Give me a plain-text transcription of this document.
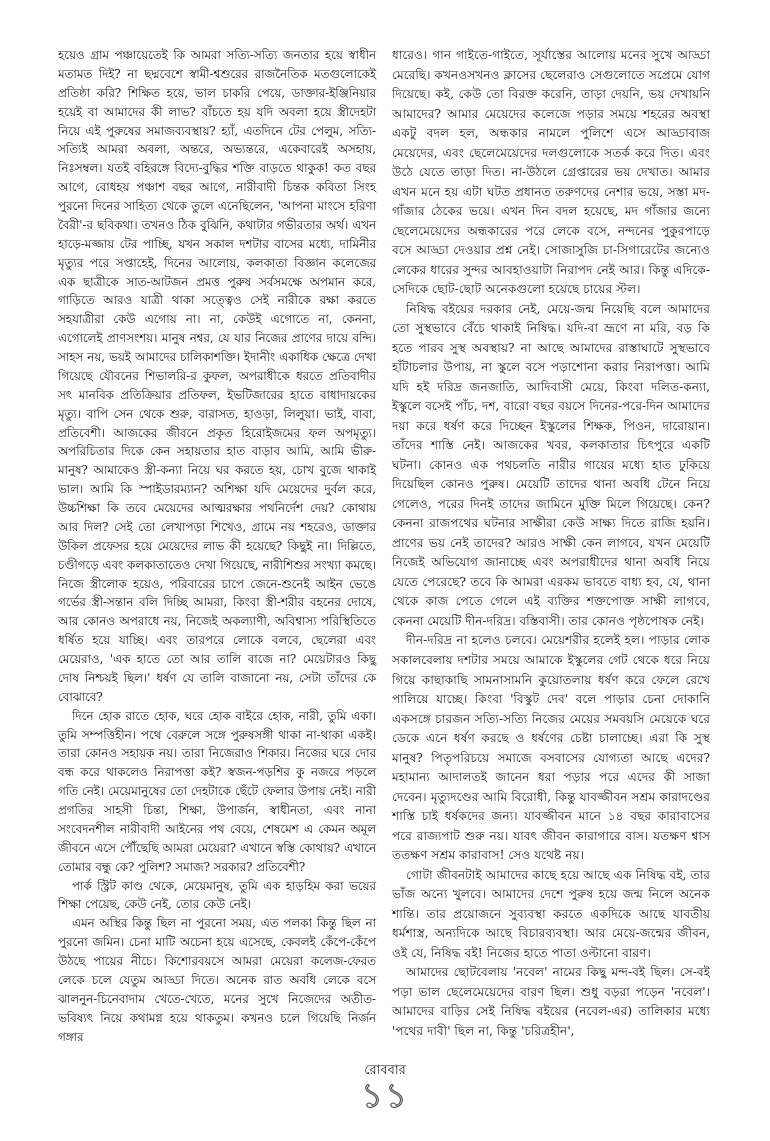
হয়েও গ্রাম পঞ্চায়েতেই কি আমরা সত্যি-সত্যি জনতার হয়ে স্বাধীন মতামত দিই? না ছদ্মবেশে স্বামী-শ্বশুরের রাজনৈতিক মতগুলোকেই প্রতিষ্ঠা করি? শিক্ষিত হয়ে, ভাল চাকরি পেয়ে, ডাক্তার-ইঞ্জিনিয়ার হয়েই বা আমাদের কী লাভ? বাঁচতে হয় যদি অবলা হয়ে স্ত্রীদেহটা নিয়ে এই পুরুষের সমাজব্যবস্থায়? হ্যাঁ, এতদিনে টের পেলুম, সত্যি-সত্যিই আমরা অবলা, অন্তরে, অভ্যন্তরে, একেবারেই অসহায়, নিঃসম্বল। যতই বহিরঙ্গে বিদ্যে-বুদ্ধির শক্তি বাড়তে থাকুক! কত বছর আগে, বোধহয় পঞ্চাশ বছর আগে, নারীবাদী চিন্তক কবিতা সিংহ পুরনো দিনের সাহিত্য থেকে তুলে এনেছিলেন, 'আপনা মাংসে হরিণা বৈরী'-র ছবিকথা। তখনও ঠিক বুঝিনি, কথাটার গভীরতার অর্থ। এখন হাড়ে-মজ্জায় টের পাচ্ছি, যখন সকাল দশটার বাসের মধ্যে, দামিনীর মৃত্যুর পরে সপ্তাহেই, দিনের আলোয়, কলকাতা বিজ্ঞান কলেজের এক ছাত্রীকে সাত-আটজন প্রমত্ত পুরুষ সর্বসমক্ষে অপমান করে, গাড়িতে আরও যাত্রী থাকা সত্ত্বেও সেই নারীকে রক্ষা করতে সহযাত্রীরা কেউ এগোয় না। না, কেউই এগোতে না, কেননা, এগোলেই প্রাণসংশয়। মানুষ নশ্বর, যে যার নিজের প্রাণের দায়ে বন্দি। সাহস নয়, ভয়ই আমাদের চালিকাশক্তি। ইদানীং একাধিক ক্ষেত্রে দেখা গিয়েছে যৌবনের শিভালরি-র কুফল, অপরাধীকে ধরতে প্রতিবাদীর সৎ মানবিক প্রতিক্রিয়ার প্রতিফল, ইভটিজারের হাতে বাধাদায়কের মৃত্যু। বাপি সেন থেকে শুরু, বারাসত, হাওড়া, লিলুয়া। ভাই, বাবা, প্রতিবেশী। আজকের জীবনে প্রকৃত হিরোইজমের ফল অপমৃত্যু। অপরিচিতার দিকে কেন সহায়তার হাত বাড়াব আমি, আমি ভীরু-মানুষ? আমাকেও স্ত্রী-কন্যা নিয়ে ঘর করতে হয়, চোখ বুজে থাকাই ভাল। আমি কি স্পাইডারম্যান? অশিক্ষা যদি মেয়েদের দুর্বল করে, উচ্চশিক্ষা কি তবে মেয়েদের আত্মরক্ষার পথনির্দেশ দেয়? কোথায় আর দিল? সেই তো লেখাপড়া শিখেও, গ্রামে নয় শহরেও, ডাক্তার উকিল প্রফেসর হয়ে মেয়েদের লাভ কী হয়েছে? কিছুই না। দিল্লিতে, চণ্ডীগড়ে এবং কলকাতাতেও দেখা গিয়েছে, নারীশিশুর সংখ্যা কমছে। নিজে স্ত্রীলোক হয়েও, পরিবারের চাপে জেনে-শুনেই আইন ভেঙে গর্ভের স্ত্রী-সন্তান বলি দিচ্ছি আমরা, কিংবা স্ত্রী-শরীর বহনের দোষে, আর কোনও অপরাধে নয়, নিজেই অকল্যাণী, অবিশ্বাস্য পরিস্থিতিতে ধর্ষিত হয়ে যাচ্ছি। এবং তারপরে লোকে বলবে, ছেলেরা এবং মেয়েরাও, 'এক হাতে তো আর তালি বাজে না? মেয়েটারও কিছু দোষ নিশ্চয়ই ছিল।' ধর্ষণ যে তালি বাজানো নয়, সেটা তাঁদের কে বোঝাবে?

দিনে হোক রাতে হোক, ঘরে হোক বাইরে হোক, নারী, তুমি একা। তুমি সম্পত্তিহীন। পথে বেরুলে সঙ্গে পুরুষসঙ্গী থাকা না-থাকা একই। তারা কোনও সহায়ক নয়। তারা নিজেরাও শিকার। নিজের ঘরে দোর বন্ধ করে থাকলেও নিরাপত্তা কই? স্বজন-পড়শির কু নজরে পড়লে গতি নেই। মেয়েমানুষের তো দেহটাকে ছেঁটে ফেলার উপায় নেই। নারী প্রগতির সাহসী চিন্তা, শিক্ষা, উপার্জন, স্বাধীনতা, এবং নানা সংবেদনশীল নারীবাদী আইনের পথ বেয়ে, শেষমেশ এ কেমন অমূল জীবনে এসে পৌঁছেছি আমরা মেয়েরা? এখানে স্বস্তি কোথায়? এখানে তোমার বন্ধু কে? পুলিশ? সমাজ? সরকার? প্রতিবেশী?

পার্ক স্ট্রিট কাণ্ড থেকে, মেয়েমানুষ, তুমি এক হাড়হিম করা ভয়ের শিক্ষা পেয়েছ, কেউ নেই, তোর কেউ নেই।

এমন অস্থির কিন্তু ছিল না পুরনো সময়, এত পলকা কিন্তু ছিল না পুরনো জমিন। চেনা মাটি অচেনা হয়ে এসেছে, কেবলই কেঁপে-কেঁপে উঠছে পায়ের নীচে। কিশোরবয়সে আমরা মেয়েরা কলেজ-ফেরত লেকে চলে যেতুম আড্ডা দিতে। অনেক রাত অবধি লেকে বসে ঝালনুন-চিনেবাদাম খেতে-খেতে, মনের সুখে নিজেদের অতীত-ভবিষ্যৎ নিয়ে কথামগ্ন হয়ে থাকতুম। কখনও চলে গিয়েছি নির্জন গঙ্গার

ধারেও। গান গাইতে-গাইতে, সূর্যাস্তের আলোয় মনের সুখে আড্ডা মেরেছি। কখনওসখনও ক্লাসের ছেলেরাও সেগুলোতে সপ্রেমে যোগ দিয়েছে। কই, কেউ তো বিরক্ত করেনি, তাড়া দেয়নি, ভয় দেখায়নি আমাদের? আমার মেয়েদের কলেজে পড়ার সময়ে শহরের অবস্থা একটু বদল হল, অন্ধকার নামলে পুলিশে এসে আড্ডাবাজ মেয়েদের, এবং ছেলেমেয়েদের দলগুলোকে সতর্ক করে দিত। এবং উঠে যেতে তাড়া দিত। না-উঠলে গ্রেপ্তারের ভয় দেখাত। আমার এখন মনে হয় এটা ঘটত প্রধানত তরুণদের নেশার ভয়ে, সস্তা মদ-গাঁজার ঠেকের ভয়ে। এখন দিন বদল হয়েছে, মদ গাঁজার জন্যে ছেলেমেয়েদের অন্ধকারের পরে লেকে বসে, নন্দনের পুকুরপাড়ে বসে আড্ডা দেওয়ার প্রশ্ন নেই। সোজাসুজি চা-সিগারেটের জন্যেও লেকের ধারের সুন্দর আবহাওয়াটা নিরাপদ নেই আর। কিন্তু এদিকে-সেদিকে ছোট-ছোট অনেকগুলো হয়েছে চায়ের স্টল।

নিষিদ্ধ বইয়ের দরকার নেই, মেয়ে-জন্ম নিয়েছি বলে আমাদের তো সুস্থভাবে বেঁচে থাকাই নিষিদ্ধ। যদি-বা ভ্রূণে না মরি, বড় কি হতে পারব সুস্থ অবস্থায়? না আছে আমাদের রাস্তাঘাটে সুস্থভাবে হাঁটাচলার উপায়, না স্কুলে বসে পড়াশোনা করার নিরাপত্তা। আমি যদি হই দরিদ্র জনজাতি, আদিবাসী মেয়ে, কিংবা দলিত-কন্যা, ইস্কুলে বসেই পাঁচ, দশ, বারো বছর বয়সে দিনের-পরে-দিন আমাদের দয়া করে ধর্ষণ করে দিচ্ছেন ইস্কুলের শিক্ষক, পিওন, দারোয়ান। তাঁদের শাস্তি নেই। আজকের খবর, কলকাতার চিৎপুরে একটি ঘটনা। কোনও এক পথচলতি নারীর গায়ের মধ্যে হাত ঢুকিয়ে দিয়েছিল কোনও পুরুষ। মেয়েটি তাদের থানা অবধি টেনে নিয়ে গেলেও, পরের দিনই তাদের জামিনে মুক্তি মিলে গিয়েছে। কেন? কেননা রাজপথের ঘটনার সাক্ষীরা কেউ সাক্ষ্য দিতে রাজি হয়নি। প্রাণের ভয় নেই তাদের? আরও সাক্ষী কেন লাগবে, যখন মেয়েটি নিজেই অভিযোগ জানাচ্ছে এবং অপরাধীদের থানা অবধি নিয়ে যেতে পেরেছে? তবে কি আমরা এরকম ভাবতে বাধ্য হব, যে, থানা থেকে কাজ পেতে গেলে এই ব্যক্তির শক্তপোক্ত সাক্ষী লাগবে, কেননা মেয়েটি দীন-দরিদ্র। বস্তিবাসী। তার কোনও পৃষ্ঠপোষক নেই।

দীন-দরিদ্র না হলেও চলবে। মেয়েশরীর হলেই হল। পাড়ার লোক সকালবেলায় দশটার সময়ে আমাকে ইস্কুলের গেট থেকে ধরে নিয়ে গিয়ে কাছাকাছি সামনাসামনি কুয়োতলায় ধর্ষণ করে ফেলে রেখে পালিয়ে যাচ্ছে। কিংবা 'বিস্কুট দেব' বলে পাড়ার চেনা দোকানি একসঙ্গে চারজন সত্যি-সত্যি নিজের মেয়ের সমবয়সি মেয়েকে ঘরে ডেকে এনে ধর্ষণ করছে ও ধর্ষণের চেষ্টা চালাচ্ছে। এরা কি সুস্থ মানুষ? পিতৃপরিচয়ে সমাজে বসবাসের যোগ্যতা আছে এদের? মহামান্য আদালতই জানেন ধরা পড়ার পরে এদের কী সাজা দেবেন। মৃত্যুদণ্ডের আমি বিরোধী, কিন্তু যাবজ্জীবন সশ্রম কারাদণ্ডের শাস্তি চাই ধর্ষকদের জন্য। যাবজ্জীবন মানে ১৪ বছর কারাবাসের পরে রাজ্যপাট শুরু নয়। যাবৎ জীবন কারাগারে বাস। যতক্ষণ শ্বাস ততক্ষণ সশ্রম কারাবাস! সেও যথেষ্ট নয়।

গোটা জীবনটাই আমাদের কাছে হয়ে আছে এক নিষিদ্ধ বই, তার ভাঁজ অন্যে খুলবে। আমাদের দেশে পুরুষ হয়ে জন্ম নিলে অনেক শান্তি। তার প্রয়োজনে সুব্যবস্থা করতে একদিকে আছে যাবতীয় ধর্মশাস্ত্র, অন্যদিকে আছে বিচারব্যবস্থা। আর মেয়ে-জন্মের জীবন, ওই যে, নিষিদ্ধ বই! নিজের হাতে পাতা ওল্টানো বারণ।

আমাদের ছোটবেলায় 'নবেল' নামের কিছু মন্দ-বই ছিল। সে-বই পড়া ভাল ছেলেমেয়েদের বারণ ছিল। শুধু বড়রা পড়েন 'নবেল'। আমাদের বাড়ির সেই নিষিদ্ধ বইয়ের (নবেল-এর) তালিকার মধ্যে 'পথের দাবী' ছিল না, কিন্তু 'চরিত্রহীন',

রোববার
১১
